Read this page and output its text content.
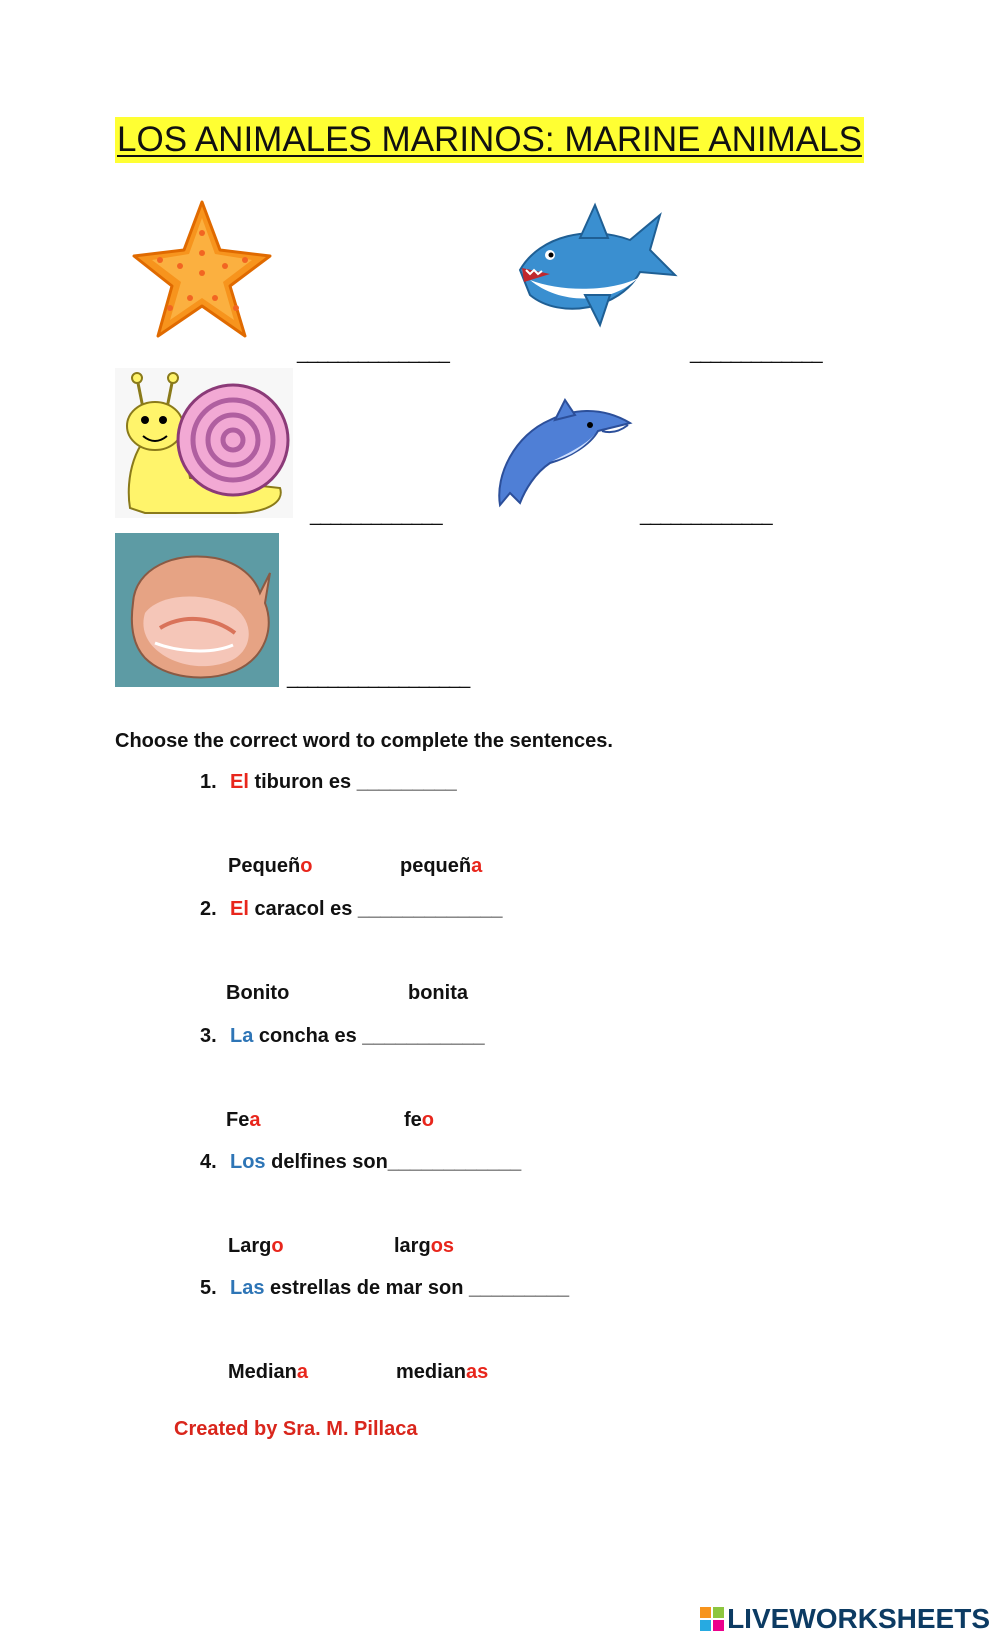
LOS ANIMALES MARINOS: MARINE ANIMALS
_______________	_____________
_____________	_____________
__________________
Choose the correct word to complete the sentences.
1. El tiburon es _________
Pequeño	pequeña
2. El caracol es _____________
Bonito	bonita
3. La concha es ___________
Fea	feo
4. Los delfines son____________
Largo	largos
5. Las estrellas de mar son _________
Mediana	medianas
Created by Sra. M. Pillaca
LIVEWORKSHEETS
